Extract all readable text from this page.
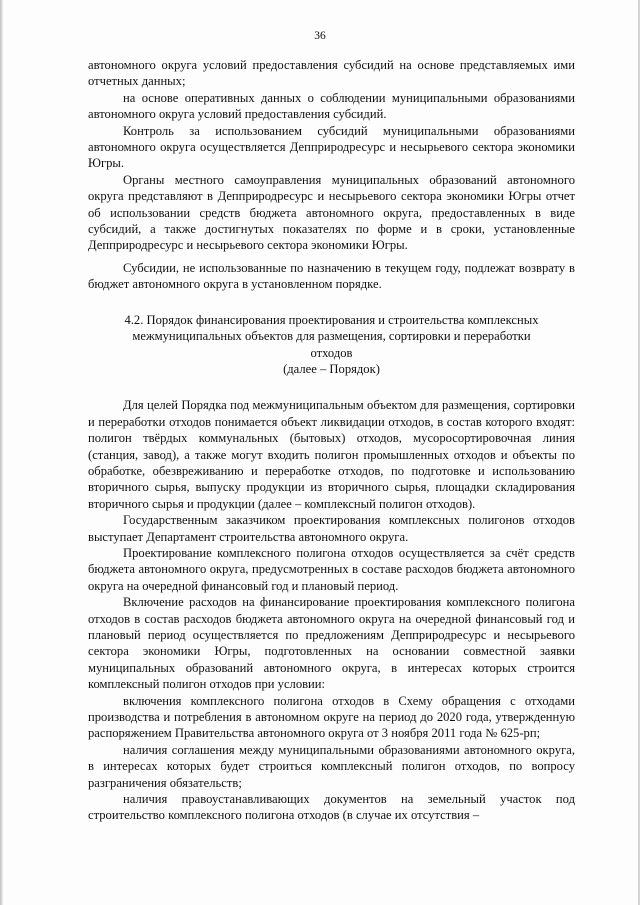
36

автономного округа условий предоставления субсидий на основе представляемых ими отчетных данных;

на основе оперативных данных о соблюдении муниципальными образованиями автономного округа условий предоставления субсидий.

Контроль за использованием субсидий муниципальными образованиями автономного округа осуществляется Депприродресурс и несырьевого сектора экономики Югры.

Органы местного самоуправления муниципальных образований автономного округа представляют в Депприродресурс и несырьевого сектора экономики Югры отчет об использовании средств бюджета автономного округа, предоставленных в виде субсидий, а также достигнутых показателях по форме и в сроки, установленные Депприродресурс и несырьевого сектора экономики Югры.

Субсидии, не использованные по назначению в текущем году, подлежат возврату в бюджет автономного округа в установленном порядке.

4.2. Порядок финансирования проектирования и строительства комплексных
межмуниципальных объектов для размещения, сортировки и переработки
отходов
(далее – Порядок)

Для целей Порядка под межмуниципальным объектом для размещения, сортировки и переработки отходов понимается объект ликвидации отходов, в состав которого входят: полигон твёрдых коммунальных (бытовых) отходов, мусоросортировочная линия (станция, завод), а также могут входить полигон промышленных отходов и объекты по обработке, обезвреживанию и переработке отходов, по подготовке и использованию вторичного сырья, выпуску продукции из вторичного сырья, площадки складирования вторичного сырья и продукции (далее – комплексный полигон отходов).

Государственным заказчиком проектирования комплексных полигонов отходов выступает Департамент строительства автономного округа.

Проектирование комплексного полигона отходов осуществляется за счёт средств бюджета автономного округа, предусмотренных в составе расходов бюджета автономного округа на очередной финансовый год и плановый период.

Включение расходов на финансирование проектирования комплексного полигона отходов в состав расходов бюджета автономного округа на очередной финансовый год и плановый период осуществляется по предложениям Депприродресурс и несырьевого сектора экономики Югры, подготовленных на основании совместной заявки муниципальных образований автономного округа, в интересах которых строится комплексный полигон отходов при условии:

включения комплексного полигона отходов в Схему обращения с отходами производства и потребления в автономном округе на период до 2020 года, утвержденную распоряжением Правительства автономного округа от 3 ноября 2011 года № 625-рп;

наличия соглашения между муниципальными образованиями автономного округа, в интересах которых будет строиться комплексный полигон отходов, по вопросу разграничения обязательств;

наличия правоустанавливающих документов на земельный участок под строительство комплексного полигона отходов (в случае их отсутствия –
